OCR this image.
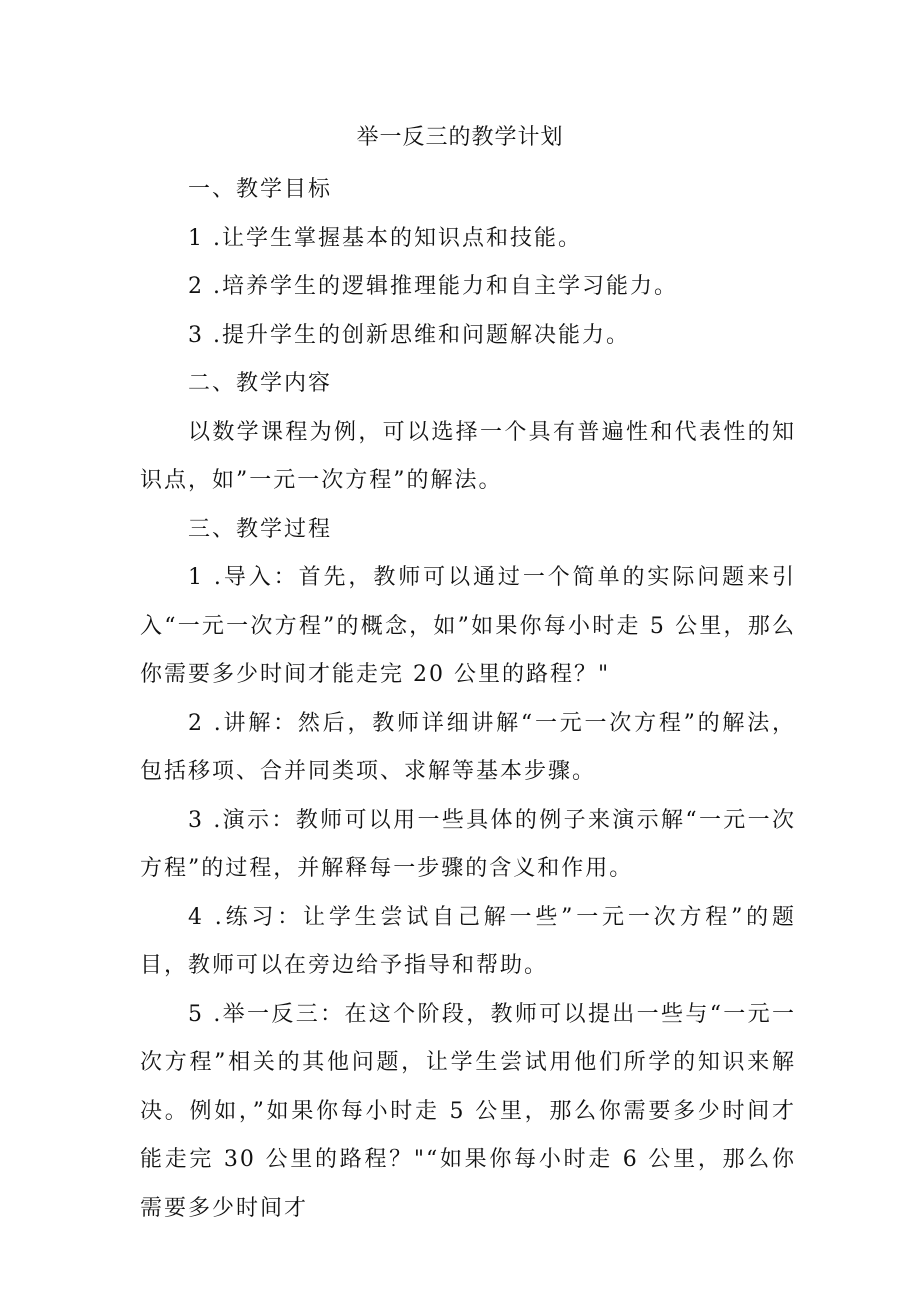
举一反三的教学计划

一、教学目标

1 .让学生掌握基本的知识点和技能。

2 .培养学生的逻辑推理能力和自主学习能力。

3 .提升学生的创新思维和问题解决能力。

二、教学内容

以数学课程为例，可以选择一个具有普遍性和代表性的知识点，如”一元一次方程”的解法。

三、教学过程

1 .导入：首先，教师可以通过一个简单的实际问题来引入“一元一次方程”的概念，如”如果你每小时走 5 公里，那么你需要多少时间才能走完 20 公里的路程？"

2 .讲解：然后，教师详细讲解“一元一次方程”的解法，包括移项、合并同类项、求解等基本步骤。

3 .演示：教师可以用一些具体的例子来演示解“一元一次方程”的过程，并解释每一步骤的含义和作用。

4 .练习：让学生尝试自己解一些”一元一次方程”的题目，教师可以在旁边给予指导和帮助。

5 .举一反三：在这个阶段，教师可以提出一些与“一元一次方程”相关的其他问题，让学生尝试用他们所学的知识来解决。例如，”如果你每小时走 5 公里，那么你需要多少时间才能走完 30 公里的路程？"“如果你每小时走 6 公里，那么你需要多少时间才
